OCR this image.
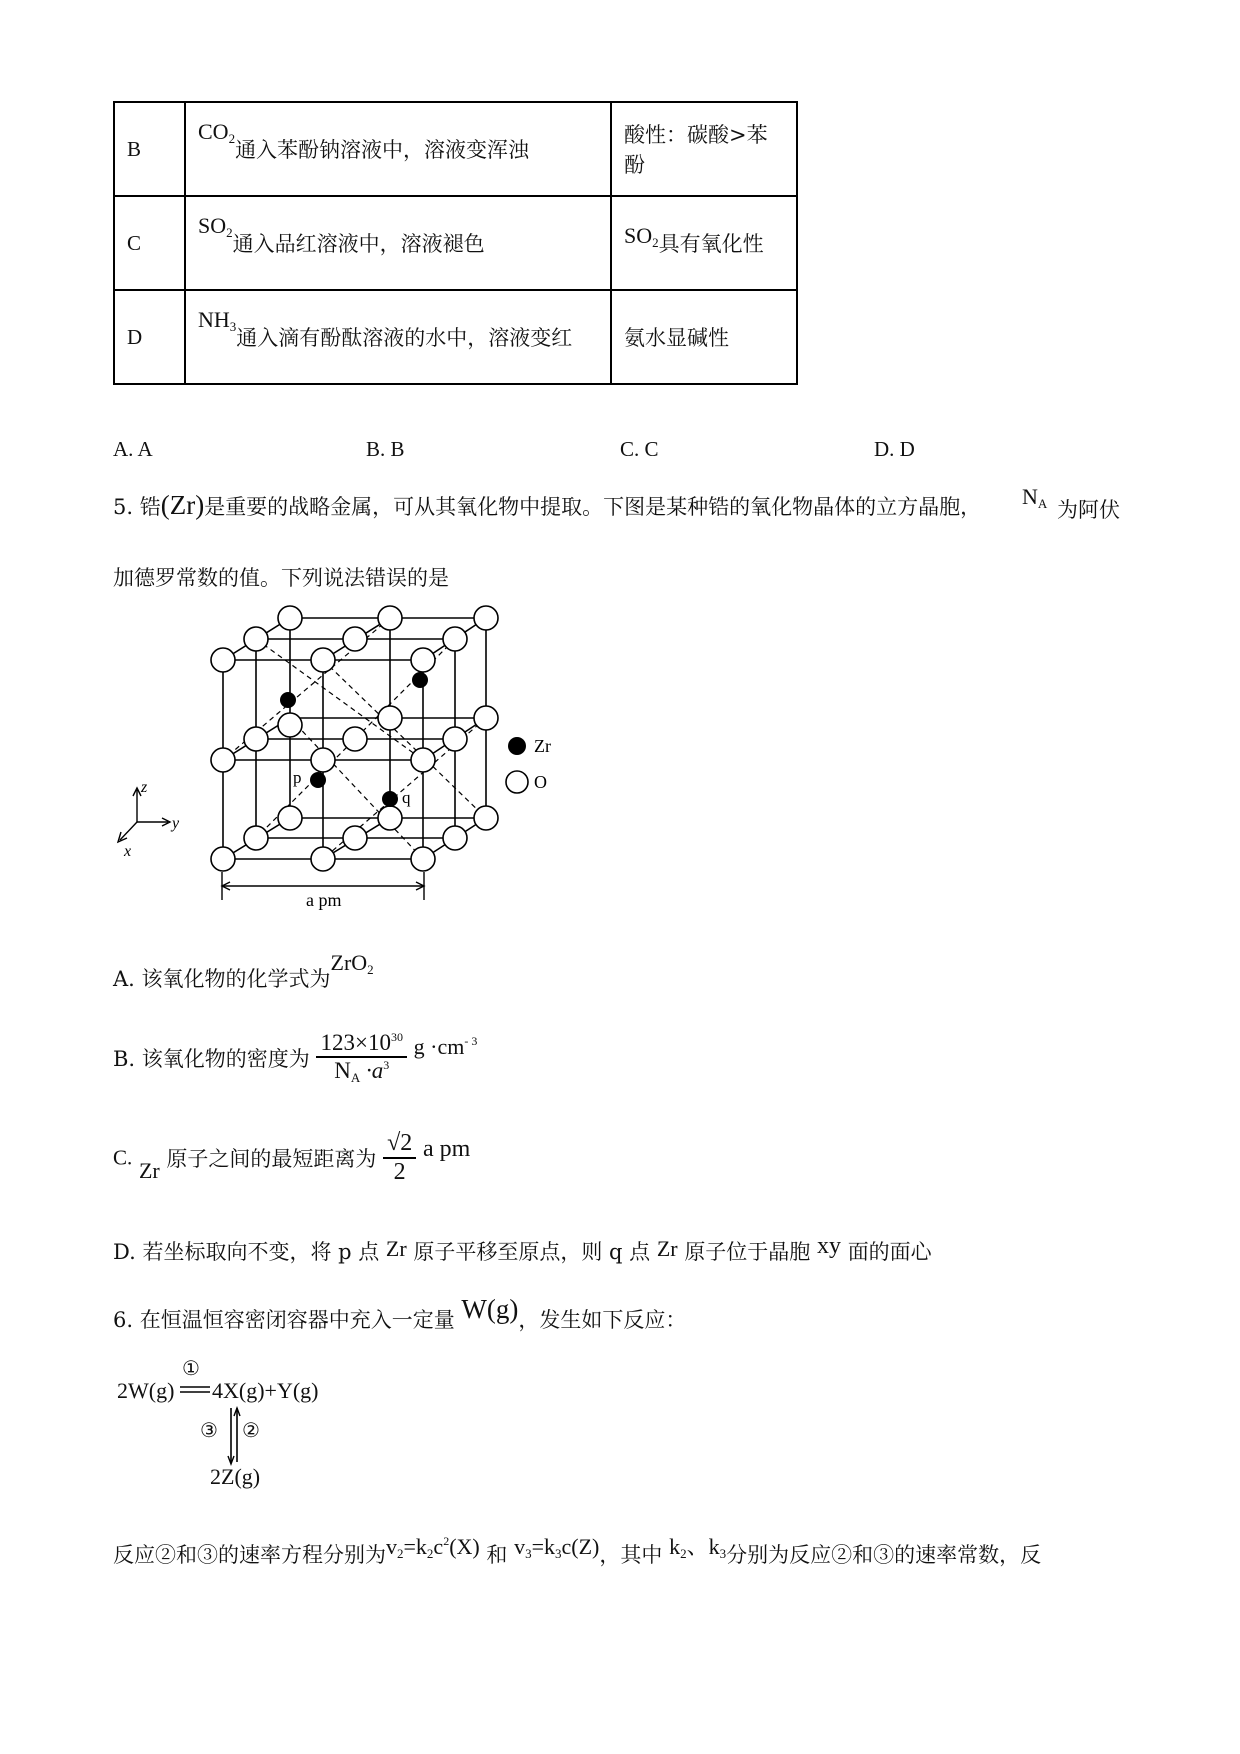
B	$CO_2$通入苯酚钠溶液中，溶液变浑浊	酸性：碳酸>苯酚
C	$SO_2$通入品红溶液中，溶液褪色	$SO_2$具有氧化性
D	$NH_3$通入滴有酚酞溶液的水中，溶液变红	氨水显碱性
A. A	B. B	C. C	D. D
5. 锆(Zr)是重要的战略金属，可从其氧化物中提取。下图是某种锆的氧化物晶体的立方晶胞， $N_A$ 为阿伏
加德罗常数的值。下列说法错误的是
p
q
Zr
O
z
y
x
a pm
A. 该氧化物的化学式为ZrO$_2$
B. 该氧化物的密度为 $\frac{123\times 10^{30}}{N_A \cdot a^3}$ $g \cdot cm^{- 3}$
C. Zr 原子之间的最短距离为 $\frac{√2}{2}$ a pm
D. 若坐标取向不变，将 p 点 Zr 原子平移至原点，则 q 点 Zr 原子位于晶胞 xy 面的面心
6. 在恒温恒容密闭容器中充入一定量 W(g)，发生如下反应：
2W(g) 4X(g)+Y(g)
①
③ ②
2Z(g)
反应②和③的速率方程分别为$v_2=k_2c^2(X)$ 和 $v_3=k_3c(Z)$，其中 $k_2$、$k_3$分别为反应②和③的速率常数，反
